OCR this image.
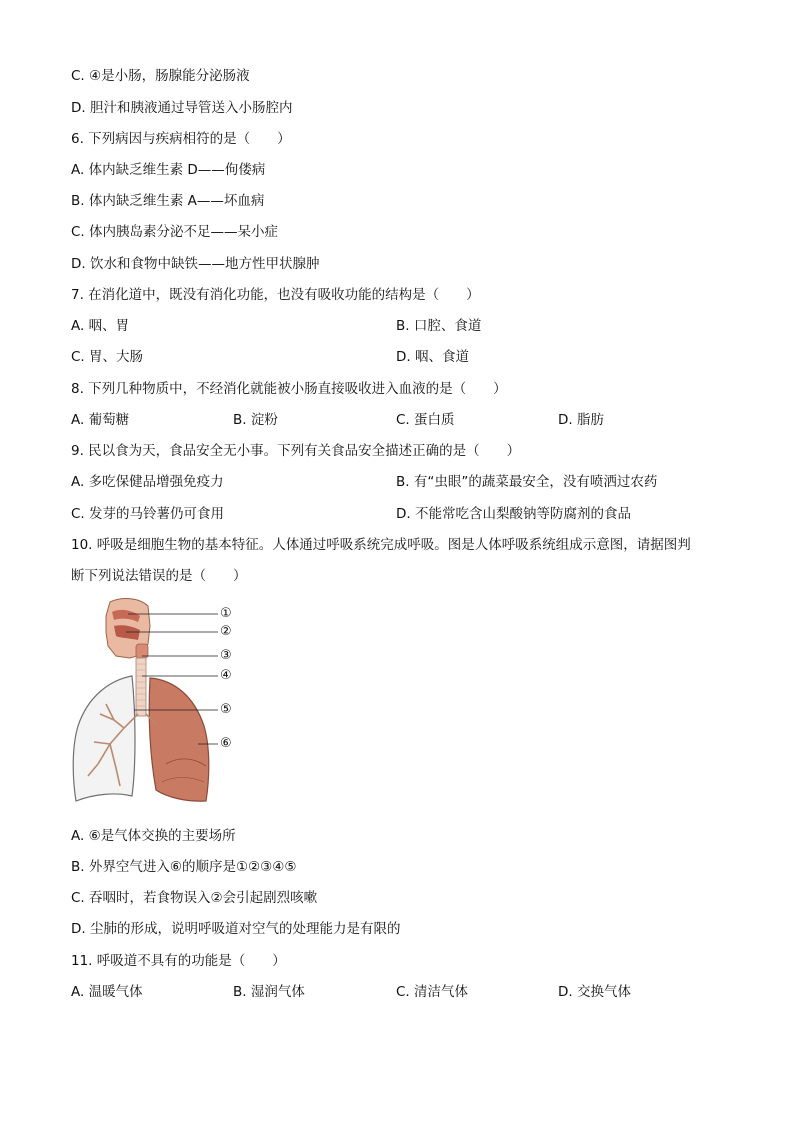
C. ④是小肠，肠腺能分泌肠液
D. 胆汁和胰液通过导管送入小肠腔内
6. 下列病因与疾病相符的是（　　）
A. 体内缺乏维生素 D——佝偻病
B. 体内缺乏维生素 A——坏血病
C. 体内胰岛素分泌不足——呆小症
D. 饮水和食物中缺铁——地方性甲状腺肿
7. 在消化道中，既没有消化功能，也没有吸收功能的结构是（　　）
A. 咽、胃	B. 口腔、食道
C. 胃、大肠	D. 咽、食道
8. 下列几种物质中，不经消化就能被小肠直接吸收进入血液的是（　　）
A. 葡萄糖	B. 淀粉	C. 蛋白质	D. 脂肪
9. 民以食为天，食品安全无小事。下列有关食品安全描述正确的是（　　）
A. 多吃保健品增强免疫力	B. 有“虫眼”的蔬菜最安全，没有喷洒过农药
C. 发芽的马铃薯仍可食用	D. 不能常吃含山梨酸钠等防腐剂的食品
10. 呼吸是细胞生物的基本特征。人体通过呼吸系统完成呼吸。图是人体呼吸系统组成示意图，请据图判
断下列说法错误的是（　　）
①
②
③
④
⑤
⑥
A. ⑥是气体交换的主要场所
B. 外界空气进入⑥的顺序是①②③④⑤
C. 吞咽时，若食物误入②会引起剧烈咳嗽
D. 尘肺的形成，说明呼吸道对空气的处理能力是有限的
11. 呼吸道不具有的功能是（　　）
A. 温暖气体	B. 湿润气体	C. 清洁气体	D. 交换气体
